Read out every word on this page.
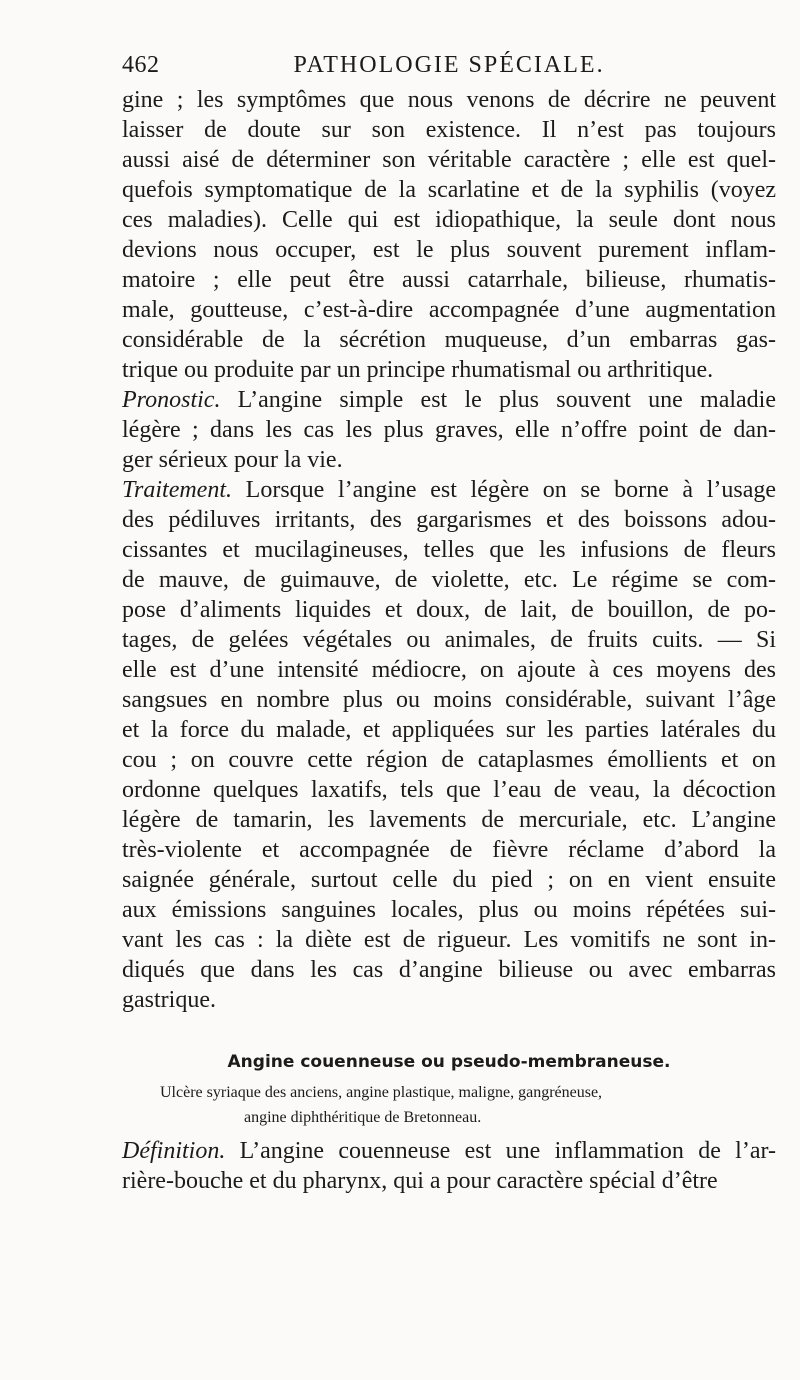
462	PATHOLOGIE SPÉCIALE.
gine ; les symptômes que nous venons de décrire ne peuvent
laisser de doute sur son existence. Il n’est pas toujours
aussi aisé de déterminer son véritable caractère ; elle est quel-
quefois symptomatique de la scarlatine et de la syphilis (voyez
ces maladies). Celle qui est idiopathique, la seule dont nous
devions nous occuper, est le plus souvent purement inflam-
matoire ; elle peut être aussi catarrhale, bilieuse, rhumatis-
male, goutteuse, c’est-à-dire accompagnée d’une augmentation
considérable de la sécrétion muqueuse, d’un embarras gas-
trique ou produite par un principe rhumatismal ou arthritique.
Pronostic. L’angine simple est le plus souvent une maladie
légère ; dans les cas les plus graves, elle n’offre point de dan-
ger sérieux pour la vie.
Traitement. Lorsque l’angine est légère on se borne à l’usage
des pédiluves irritants, des gargarismes et des boissons adou-
cissantes et mucilagineuses, telles que les infusions de fleurs
de mauve, de guimauve, de violette, etc. Le régime se com-
pose d’aliments liquides et doux, de lait, de bouillon, de po-
tages, de gelées végétales ou animales, de fruits cuits. — Si
elle est d’une intensité médiocre, on ajoute à ces moyens des
sangsues en nombre plus ou moins considérable, suivant l’âge
et la force du malade, et appliquées sur les parties latérales du
cou ; on couvre cette région de cataplasmes émollients et on
ordonne quelques laxatifs, tels que l’eau de veau, la décoction
légère de tamarin, les lavements de mercuriale, etc. L’angine
très-violente et accompagnée de fièvre réclame d’abord la
saignée générale, surtout celle du pied ; on en vient ensuite
aux émissions sanguines locales, plus ou moins répétées sui-
vant les cas : la diète est de rigueur. Les vomitifs ne sont in-
diqués que dans les cas d’angine bilieuse ou avec embarras
gastrique.
Angine couenneuse ou pseudo-membraneuse.
Ulcère syriaque des anciens, angine plastique, maligne, gangréneuse,
angine diphthéritique de Bretonneau.
Définition. L’angine couenneuse est une inflammation de l’ar-
rière-bouche et du pharynx, qui a pour caractère spécial d’être
